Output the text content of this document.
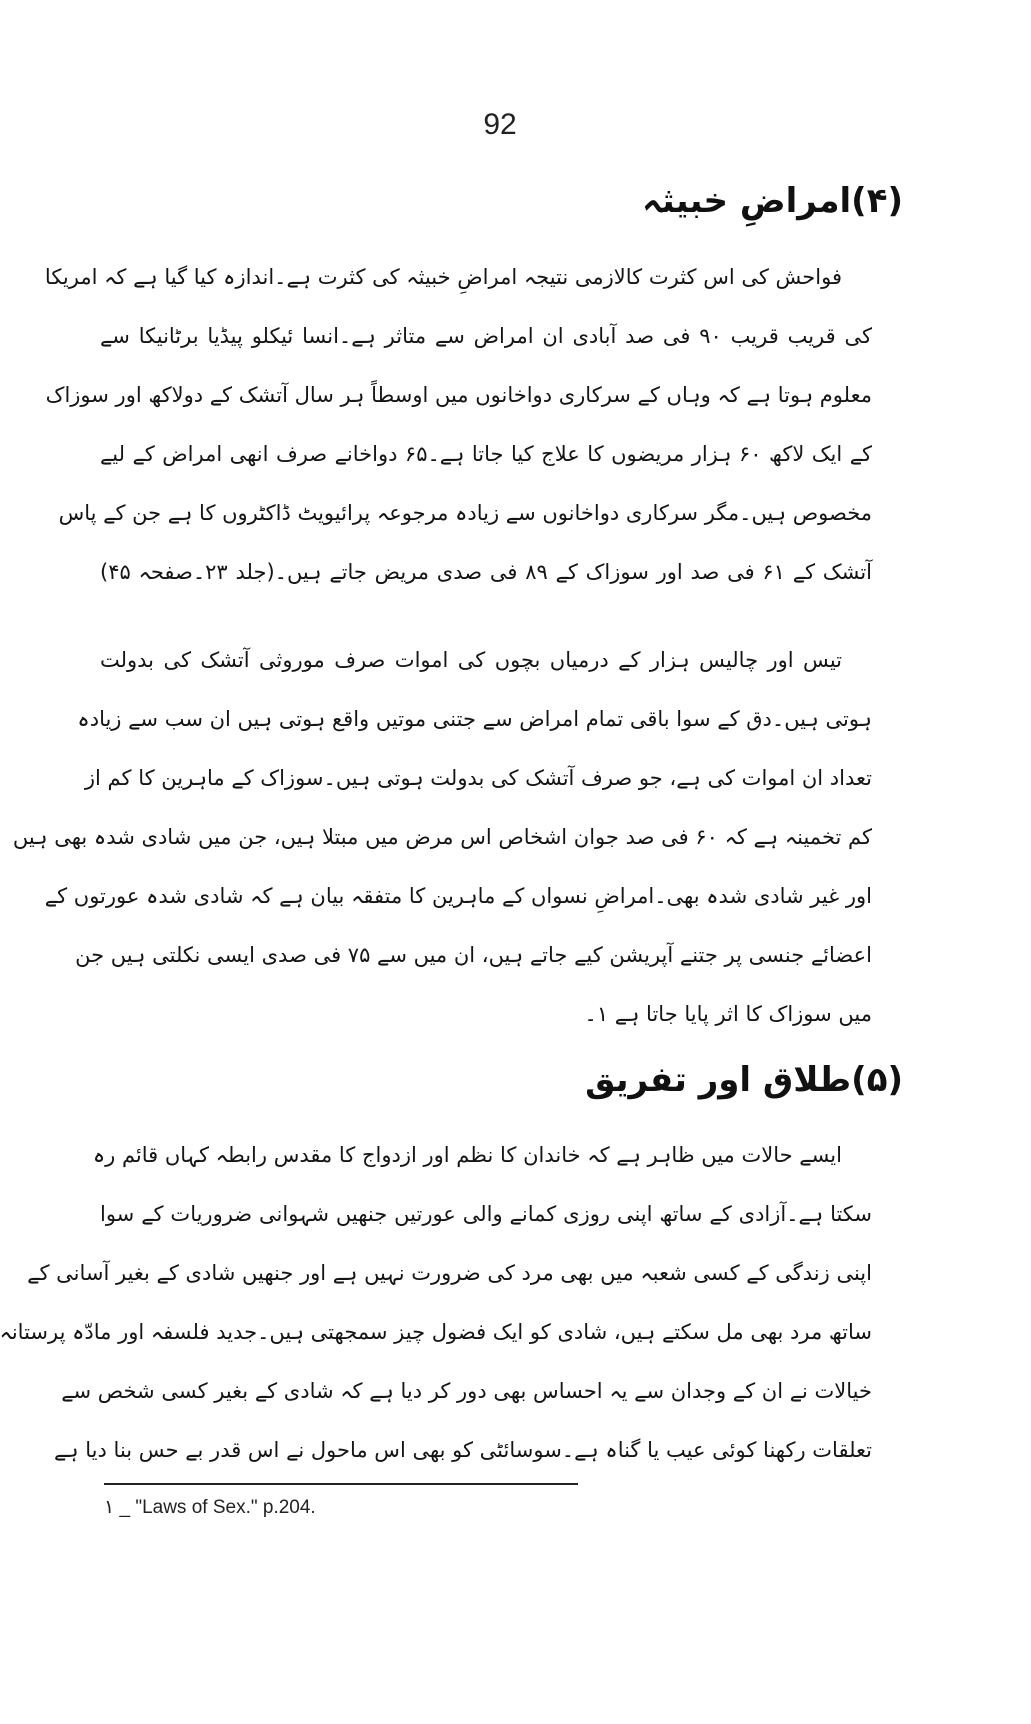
92
(۴)امراضِ خبیثہ

فواحش کی اس کثرت کالازمی نتیجہ امراضِ خبیثہ کی کثرت ہے۔اندازہ کیا گیا ہے کہ امریکا

کی قریب قریب ۹۰ فی صد آبادی ان امراض سے متاثر ہے۔انسا ئیکلو پیڈیا برٹانیکا سے

معلوم ہوتا ہے کہ وہاں کے سرکاری دواخانوں میں اوسطاً ہر سال آتشک کے دولاکھ اور سوزاک

کے ایک لاکھ ۶۰ ہزار مریضوں کا علاج کیا جاتا ہے۔۶۵ دواخانے صرف انھی امراض کے لیے

مخصوص ہیں۔مگر سرکاری دواخانوں سے زیادہ مرجوعہ پرائیویٹ ڈاکٹروں کا ہے جن کے پاس

آتشک کے ۶۱ فی صد اور سوزاک کے ۸۹ فی صدی مریض جاتے ہیں۔(جلد ۲۳۔صفحہ ۴۵)

تیس اور چالیس ہزار کے درمیاں بچوں کی اموات صرف موروثی آتشک کی بدولت

ہوتی ہیں۔دق کے سوا باقی تمام امراض سے جتنی موتیں واقع ہوتی ہیں ان سب سے زیادہ

تعداد ان اموات کی ہے، جو صرف آتشک کی بدولت ہوتی ہیں۔سوزاک کے ماہرین کا کم از

کم تخمینہ ہے کہ ۶۰ فی صد جوان اشخاص اس مرض میں مبتلا ہیں، جن میں شادی شدہ بھی ہیں

اور غیر شادی شدہ بھی۔امراضِ نسواں کے ماہرین کا متفقہ بیان ہے کہ شادی شدہ عورتوں کے

اعضائے جنسی پر جتنے آپریشن کیے جاتے ہیں، ان میں سے ۷۵ فی صدی ایسی نکلتی ہیں جن

میں سوزاک کا اثر پایا جاتا ہے ۱۔

(۵)طلاق اور تفریق

ایسے حالات میں ظاہر ہے کہ خاندان کا نظم اور ازدواج کا مقدس رابطہ کہاں قائم رہ

سکتا ہے۔آزادی کے ساتھ اپنی روزی کمانے والی عورتیں جنھیں شہوانی ضروریات کے سوا

اپنی زندگی کے کسی شعبہ میں بھی مرد کی ضرورت نہیں ہے اور جنھیں شادی کے بغیر آسانی کے

ساتھ مرد بھی مل سکتے ہیں، شادی کو ایک فضول چیز سمجھتی ہیں۔جدید فلسفہ اور مادّہ پرستانہ

خیالات نے ان کے وجدان سے یہ احساس بھی دور کر دیا ہے کہ شادی کے بغیر کسی شخص سے

تعلقات رکھنا کوئی عیب یا گناہ ہے۔سوسائٹی کو بھی اس ماحول نے اس قدر بے حس بنا دیا ہے

۱ _ "Laws of Sex." p.204.
